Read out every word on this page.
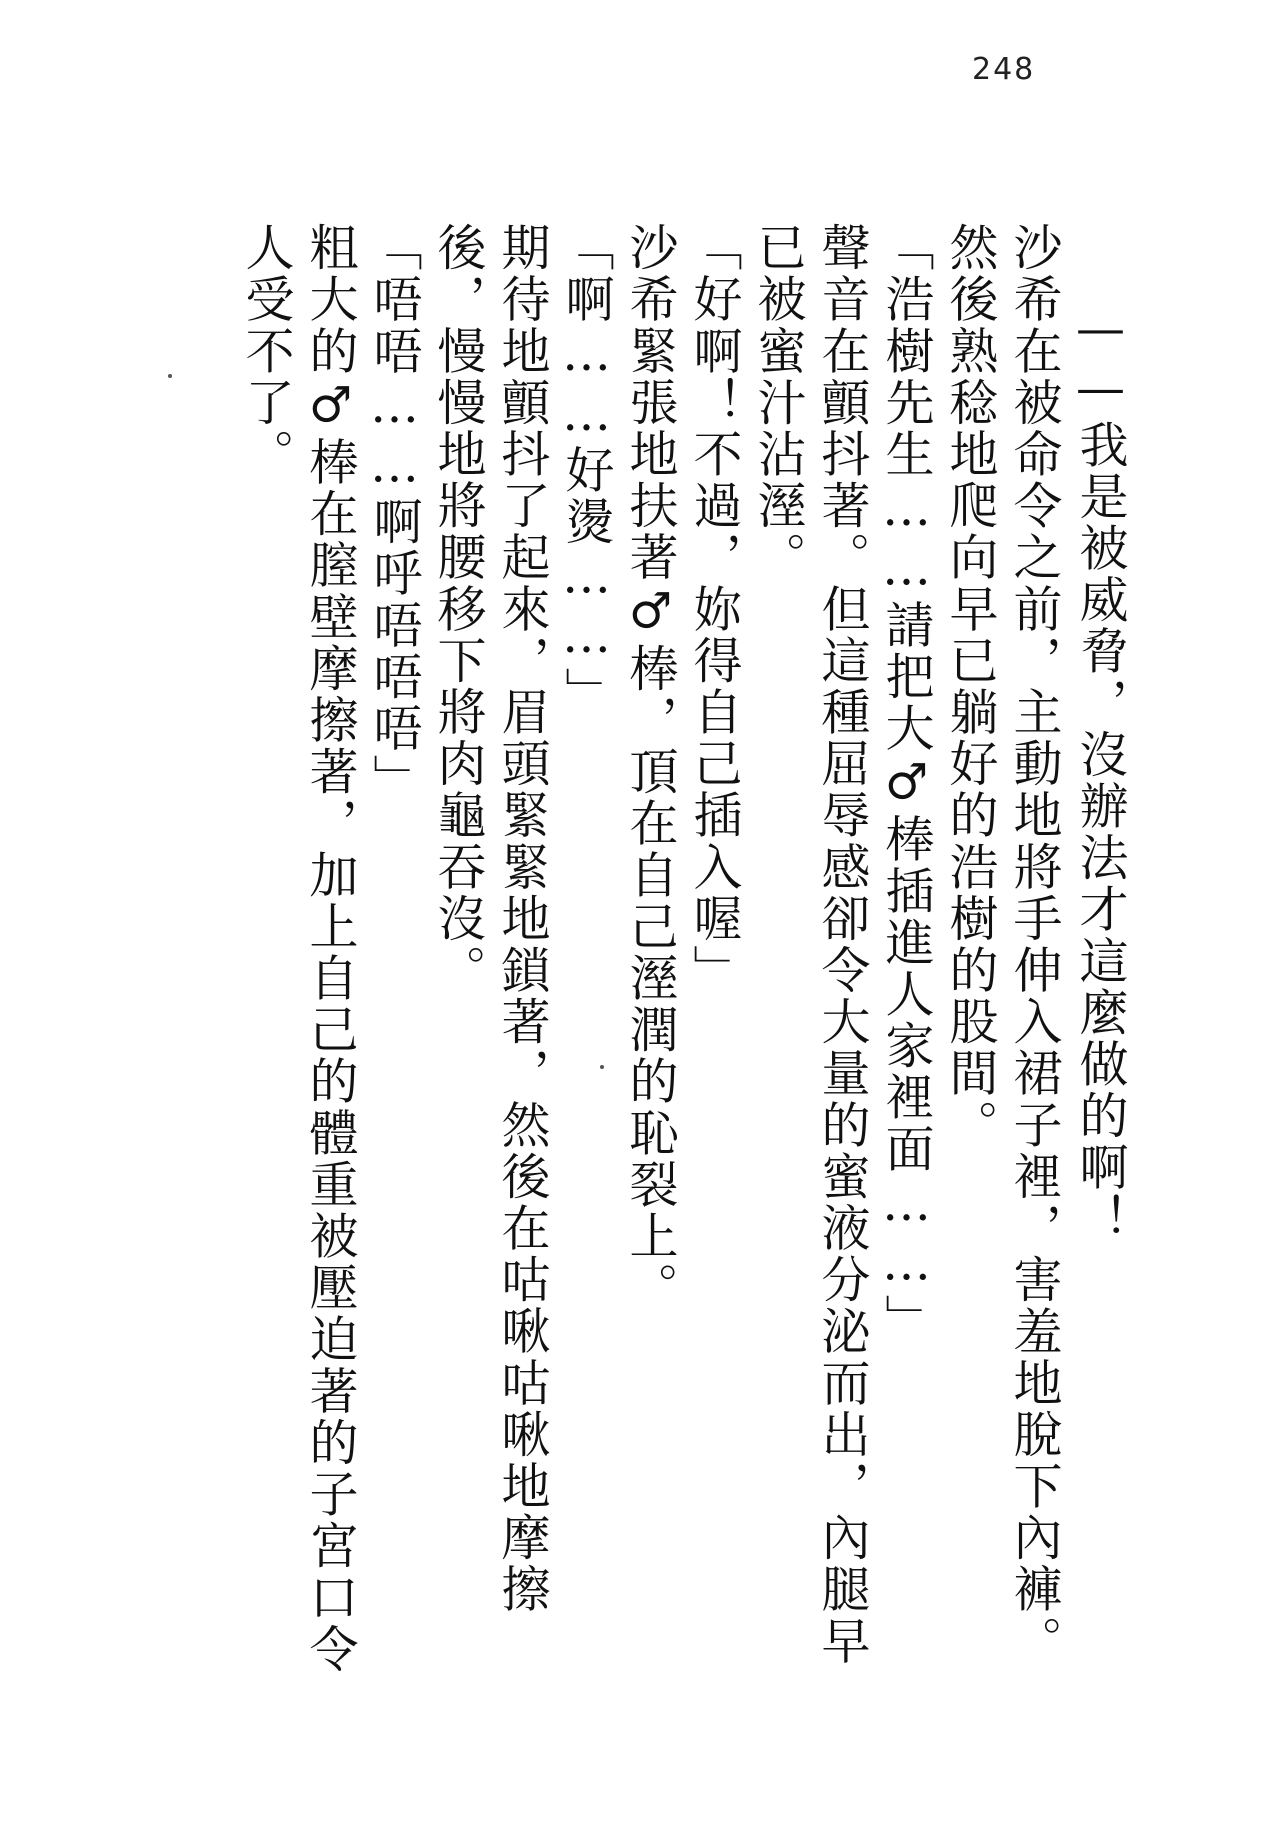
248
——我是被威脅，沒辦法才這麼做的啊！
沙希在被命令之前，主動地將手伸入裙子裡，害羞地脫下內褲。
然後熟稔地爬向早已躺好的浩樹的股間。
「浩樹先生……請把大♂棒插進人家裡面……」
聲音在顫抖著。但這種屈辱感卻令大量的蜜液分泌而出，內腿早
已被蜜汁沾溼。
「好啊！不過，妳得自己插入喔」
沙希緊張地扶著♂棒，頂在自己溼潤的恥裂上。
「啊……好燙……」
期待地顫抖了起來，眉頭緊緊地鎖著，然後在咕啾咕啾地摩擦
後，慢慢地將腰移下將肉龜吞沒。
「唔唔……啊呼唔唔唔」
粗大的♂棒在膣壁摩擦著，加上自己的體重被壓迫著的子宮口令
人受不了。
